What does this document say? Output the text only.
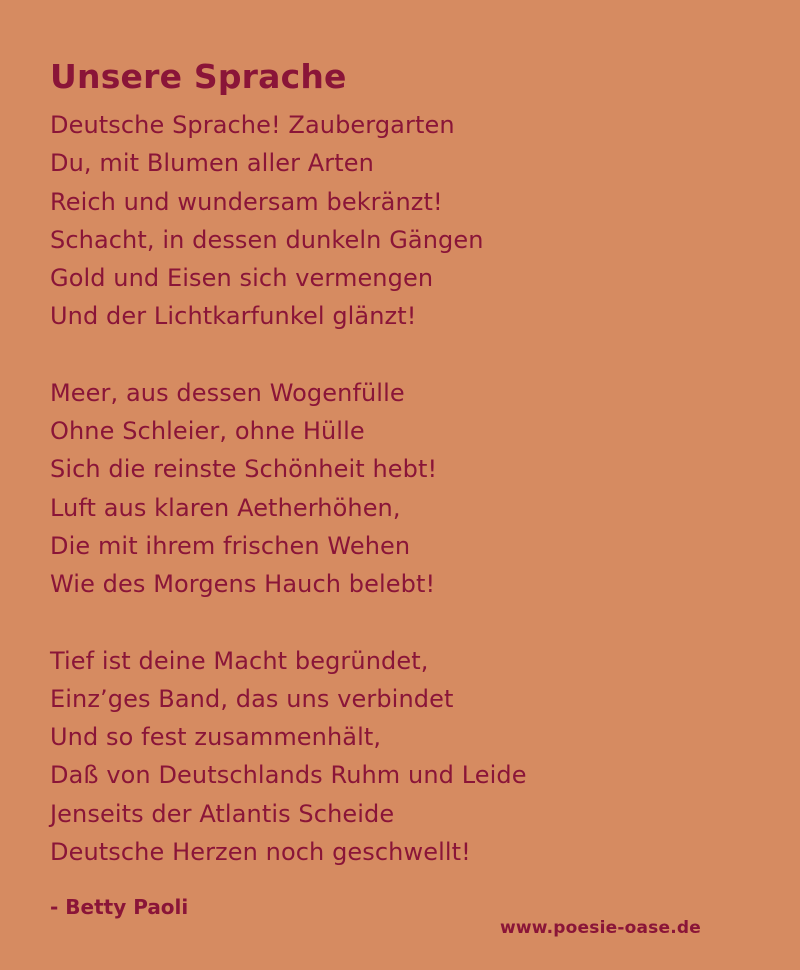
Unsere Sprache
Deutsche Sprache! Zaubergarten
Du, mit Blumen aller Arten
Reich und wundersam bekränzt!
Schacht, in dessen dunkeln Gängen
Gold und Eisen sich vermengen
Und der Lichtkarfunkel glänzt!
Meer, aus dessen Wogenfülle
Ohne Schleier, ohne Hülle
Sich die reinste Schönheit hebt!
Luft aus klaren Aetherhöhen,
Die mit ihrem frischen Wehen
Wie des Morgens Hauch belebt!
Tief ist deine Macht begründet,
Einz’ges Band, das uns verbindet
Und so fest zusammenhält,
Daß von Deutschlands Ruhm und Leide
Jenseits der Atlantis Scheide
Deutsche Herzen noch geschwellt!
- Betty Paoli
www.poesie-oase.de
